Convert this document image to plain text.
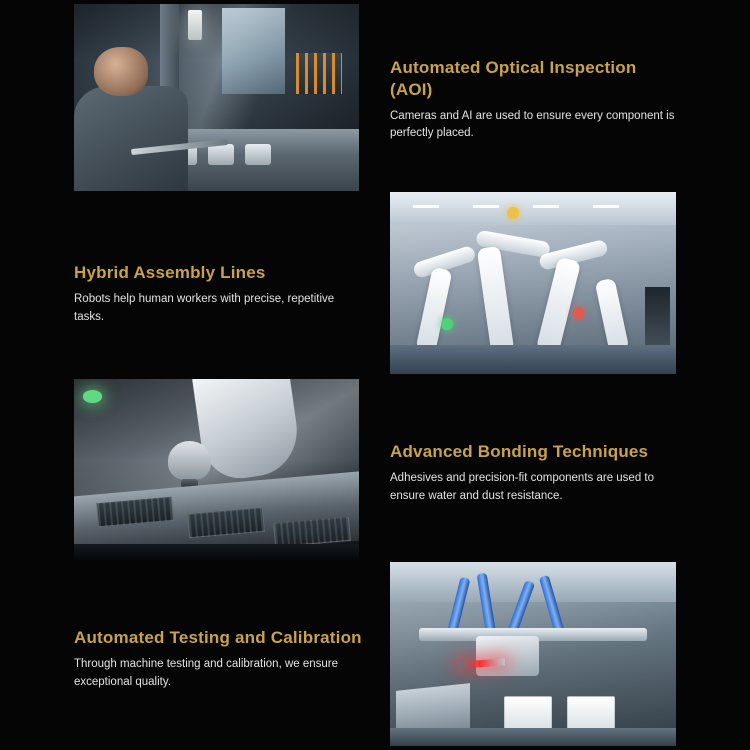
Automated Optical Inspection (AOI)

Cameras and AI are used to ensure every component is perfectly placed.

Hybrid Assembly Lines

Robots help human workers with precise, repetitive tasks.

Advanced Bonding Techniques

Adhesives and precision-fit components are used to ensure water and dust resistance.

Automated Testing and Calibration

Through machine testing and calibration, we ensure exceptional quality.
